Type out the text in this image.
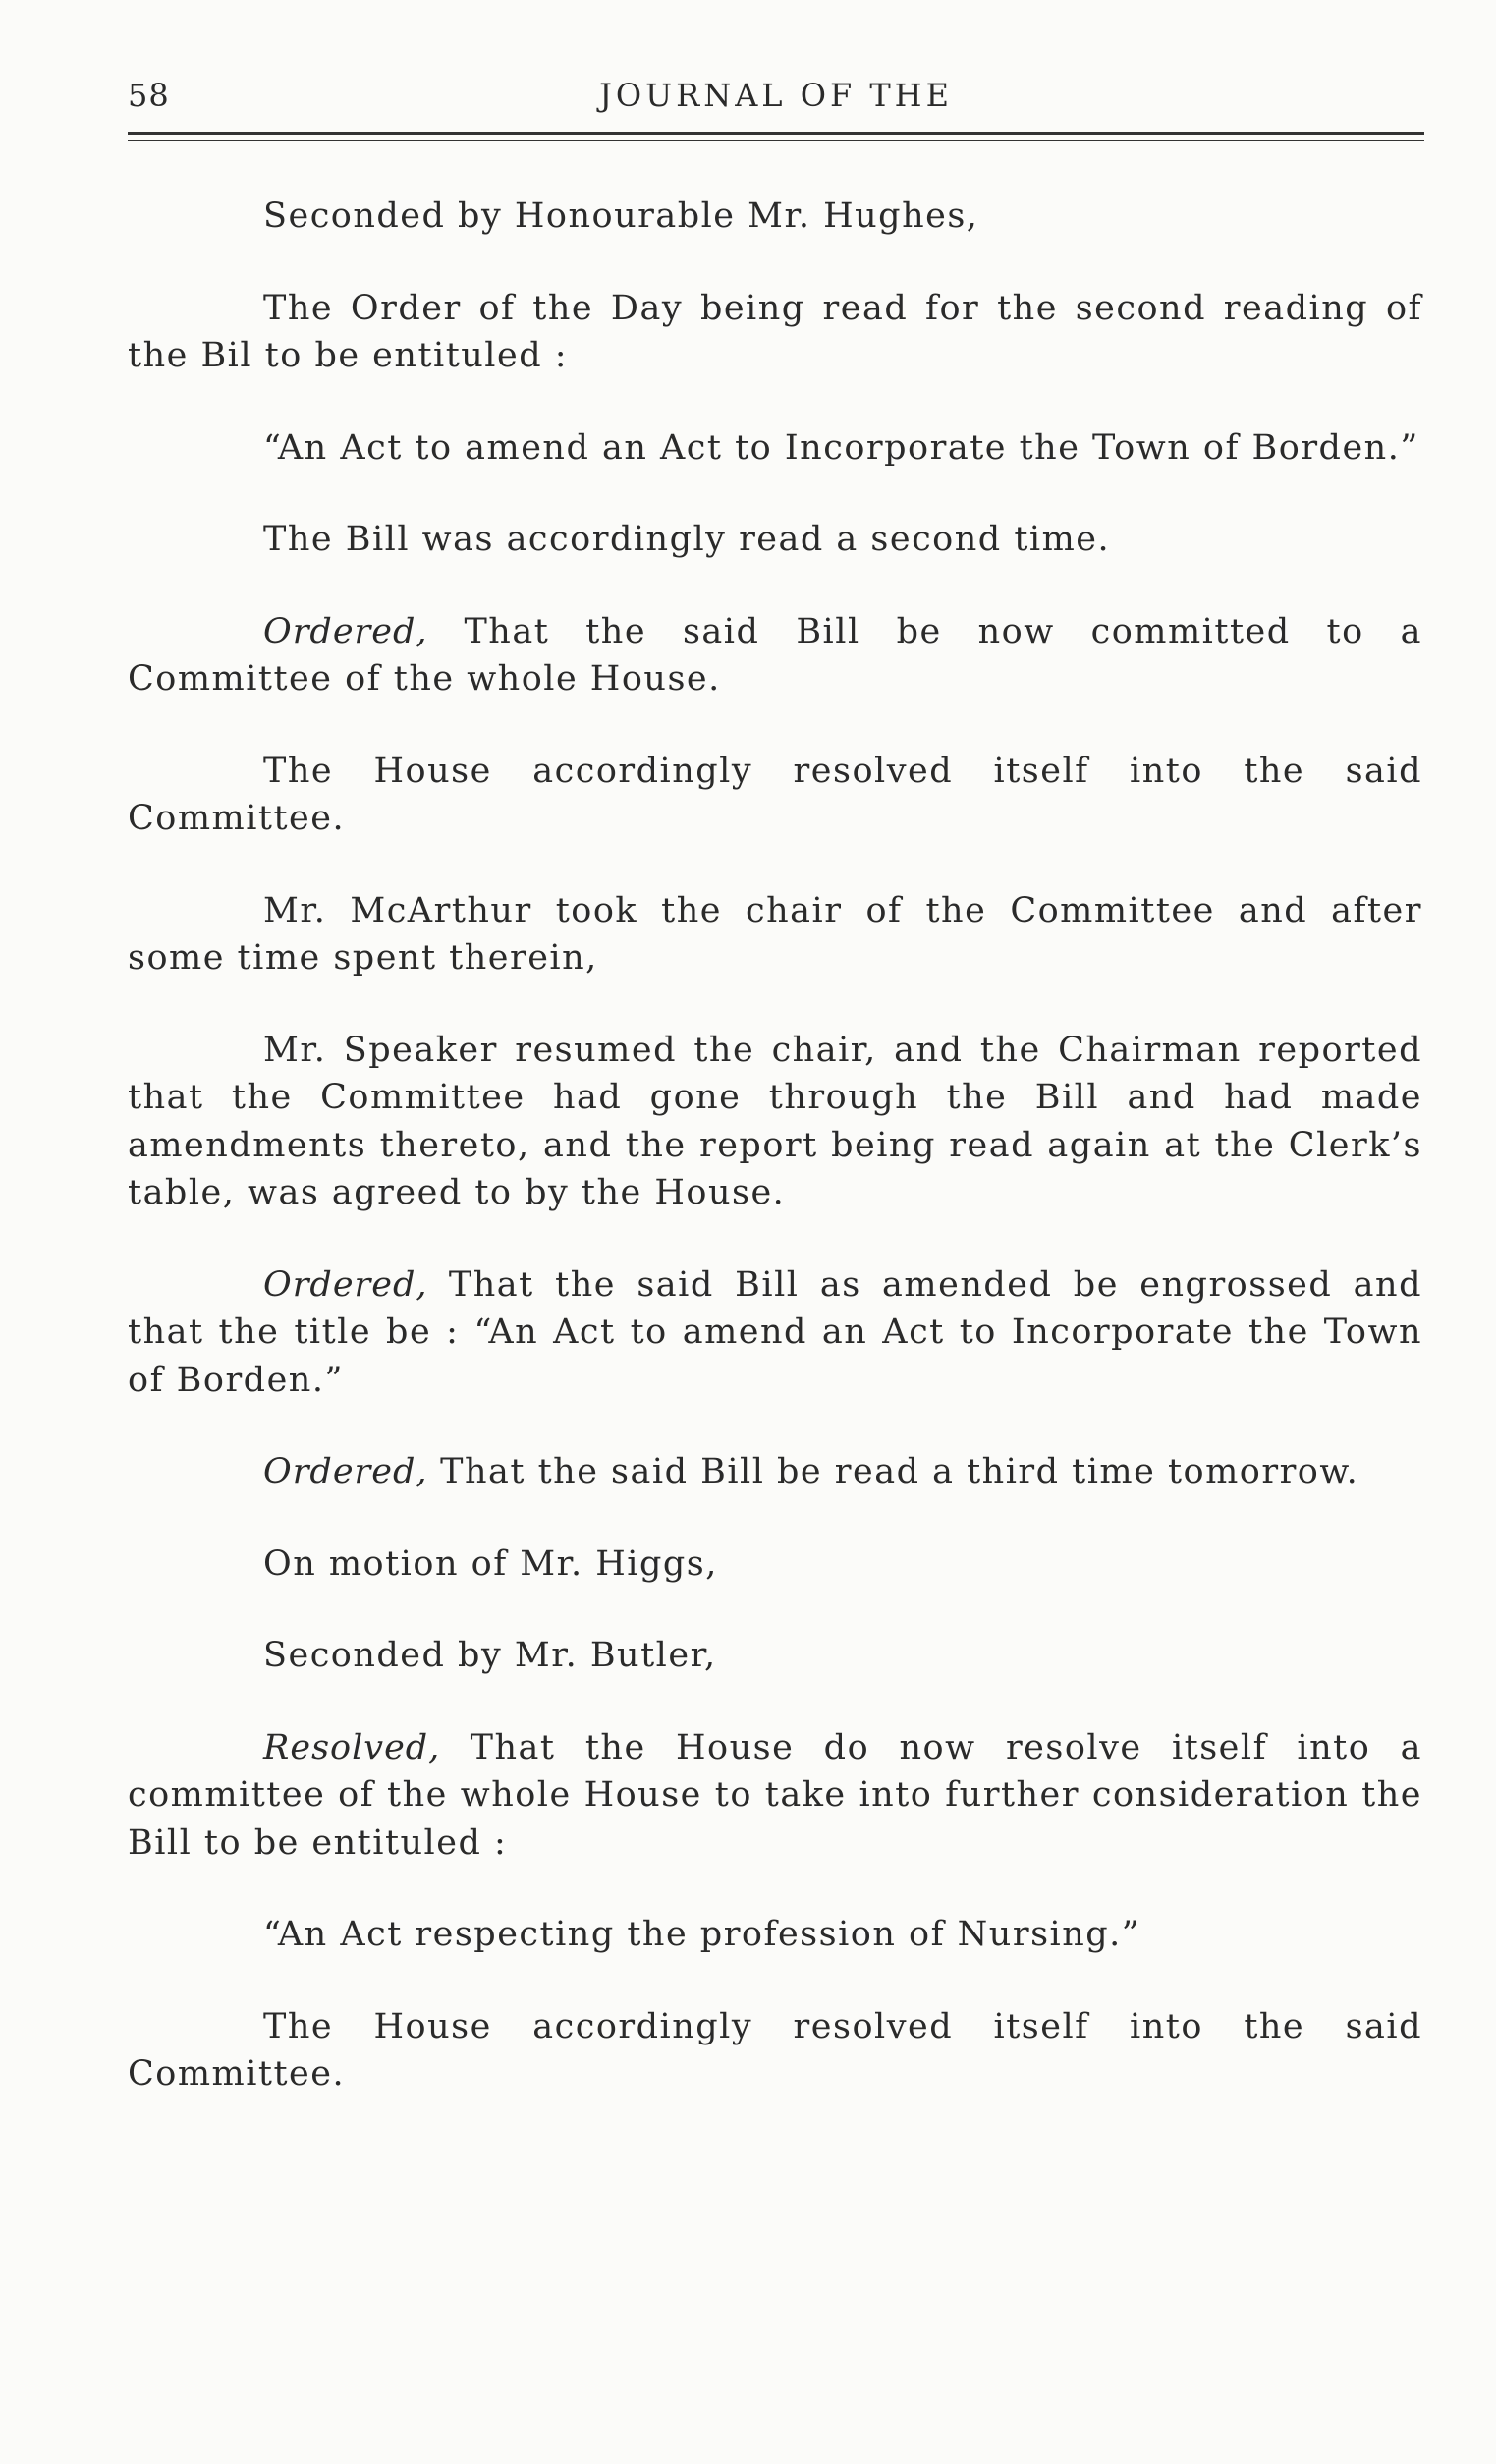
58	JOURNAL OF THE

Seconded by Honourable Mr. Hughes,

The Order of the Day being read for the second reading of the Bil to be entituled :

“An Act to amend an Act to Incorporate the Town of Borden.”

The Bill was accordingly read a second time.

Ordered, That the said Bill be now committed to a Committee of the whole House.

The House accordingly resolved itself into the said Committee.

Mr. McArthur took the chair of the Committee and after some time spent therein,

Mr. Speaker resumed the chair, and the Chairman reported that the Committee had gone through the Bill and had made amendments thereto, and the report being read again at the Clerk’s table, was agreed to by the House.

Ordered, That the said Bill as amended be engrossed and that the title be : “An Act to amend an Act to Incorporate the Town of Borden.”

Ordered, That the said Bill be read a third time tomorrow.

On motion of Mr. Higgs,

Seconded by Mr. Butler,

Resolved, That the House do now resolve itself into a committee of the whole House to take into further consideration the Bill to be entituled :

“An Act respecting the profession of Nursing.”

The House accordingly resolved itself into the said Committee.
